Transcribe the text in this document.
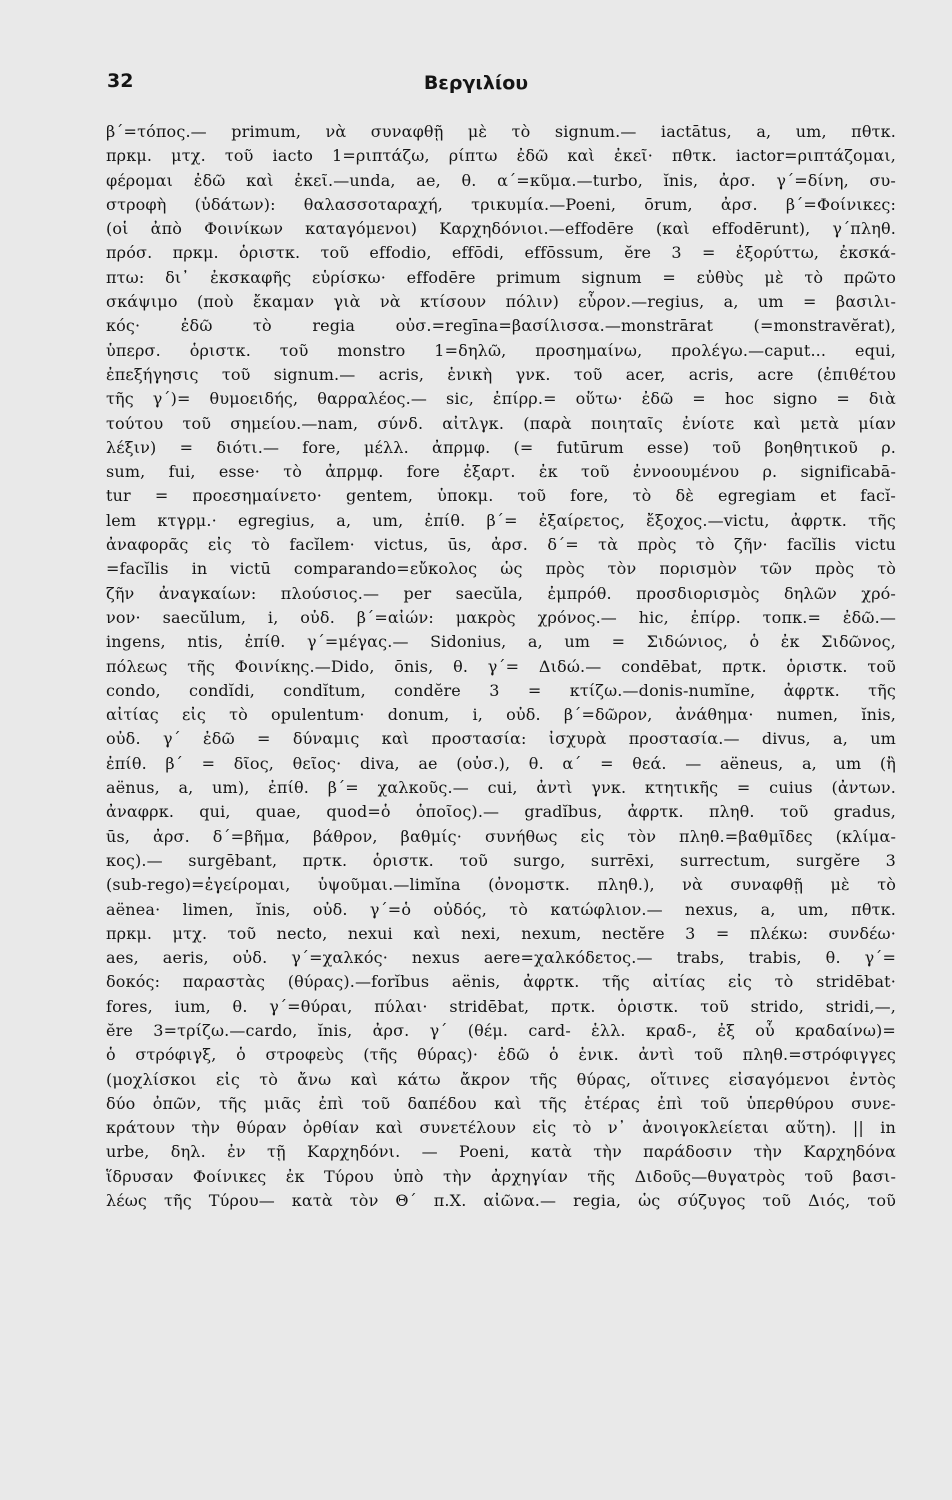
32	Βεργιλίου
β΄=τόπος.— primum, νὰ συναφθῇ μὲ τὸ signum.— iactātus, a, um, πθτκ.
πρκμ. μτχ. τοῦ iacto 1=ριπτάζω, ρίπτω ἐδῶ καὶ ἐκεῖ· πθτκ. iactor=ριπτάζομαι,
φέρομαι ἐδῶ καὶ ἐκεῖ.—unda, ae, θ. α΄=κῦμα.—turbo, ĭnis, ἀρσ. γ΄=δίνη, συ-
στροφὴ (ὑδάτων): θαλασσοταραχή, τρικυμία.—Poeni, ōrum, ἀρσ. β΄=Φοίνικες:
(οἱ ἀπὸ Φοινίκων καταγόμενοι) Καρχηδόνιοι.—effodēre (καὶ effodērunt), γ΄πληθ.
πρόσ. πρκμ. ὁριστκ. τοῦ effodio, effōdi, effōssum, ĕre 3 = ἐξορύττω, ἐκσκά-
πτω: δι᾽ ἐκσκαφῆς εὑρίσκω· effodēre primum signum = εὐθὺς μὲ τὸ πρῶτο
σκάψιμο (ποὺ ἔκαμαν γιὰ νὰ κτίσουν πόλιν) εὗρον.—regius, a, um = βασιλι-
κός· ἐδῶ τὸ regia οὐσ.=regīna=βασίλισσα.—monstrārat (=monstravĕrat),
ὑπερσ. ὁριστκ. τοῦ monstro 1=δηλῶ, προσημαίνω, προλέγω.—caput... equi,
ἐπεξήγησις τοῦ signum.— acris, ἑνικὴ γνκ. τοῦ acer, acris, acre (ἐπιθέτου
τῆς γ΄)= θυμοειδής, θαρραλέος.— sic, ἐπίρρ.= οὕτω· ἐδῶ = hoc signo = διὰ
τούτου τοῦ σημείου.—nam, σύνδ. αἰτλγκ. (παρὰ ποιηταῖς ἐνίοτε καὶ μετὰ μίαν
λέξιν) = διότι.— fore, μέλλ. ἀπρμφ. (= futūrum esse) τοῦ βοηθητικοῦ ρ.
sum, fui, esse· τὸ ἀπρμφ. fore ἐξαρτ. ἐκ τοῦ ἐννοουμένου ρ. significabā-
tur = προεσημαίνετο· gentem, ὑποκμ. τοῦ fore, τὸ δὲ egregiam et facĭ-
lem κτγρμ.· egregius, a, um, ἐπίθ. β΄= ἐξαίρετος, ἔξοχος.—victu, ἀφρτκ. τῆς
ἀναφορᾶς εἰς τὸ facĭlem· victus, ūs, ἀρσ. δ΄= τὰ πρὸς τὸ ζῆν· facĭlis victu
=facĭlis in victū comparando=εὔκολος ὡς πρὸς τὸν πορισμὸν τῶν πρὸς τὸ
ζῆν ἀναγκαίων: πλούσιος.— per saecŭla, ἐμπρόθ. προσδιορισμὸς δηλῶν χρό-
νον· saecŭlum, i, οὐδ. β΄=αἰών: μακρὸς χρόνος.— hic, ἐπίρρ. τοπκ.= ἐδῶ.—
ingens, ntis, ἐπίθ. γ΄=μέγας.— Sidonius, a, um = Σιδώνιος, ὁ ἐκ Σιδῶνος,
πόλεως τῆς Φοινίκης.—Dido, ōnis, θ. γ΄= Διδώ.— condēbat, πρτκ. ὁριστκ. τοῦ
condo, condĭdi, condĭtum, condĕre 3 = κτίζω.—donis-numĭne, ἀφρτκ. τῆς
αἰτίας εἰς τὸ opulentum· donum, i, οὐδ. β΄=δῶρον, ἀνάθημα· numen, ĭnis,
οὐδ. γ΄ ἐδῶ = δύναμις καὶ προστασία: ἰσχυρὰ προστασία.— divus, a, um
ἐπίθ. β΄ = δῖος, θεῖος· diva, ae (οὐσ.), θ. α΄ = θεά. — aëneus, a, um (ἢ
aënus, a, um), ἐπίθ. β΄= χαλκοῦς.— cui, ἀντὶ γνκ. κτητικῆς = cuius (ἀντων.
ἀναφρκ. qui, quae, quod=ὁ ὁποῖος).— gradĭbus, ἀφρτκ. πληθ. τοῦ gradus,
ūs, ἀρσ. δ΄=βῆμα, βάθρον, βαθμίς· συνήθως εἰς τὸν πληθ.=βαθμῖδες (κλίμα-
κος).— surgēbant, πρτκ. ὁριστκ. τοῦ surgo, surrēxi, surrectum, surgĕre 3
(sub-rego)=ἐγείρομαι, ὑψοῦμαι.—limĭna (ὀνομστκ. πληθ.), νὰ συναφθῇ μὲ τὸ
aënea· limen, ĭnis, οὐδ. γ΄=ὁ οὐδός, τὸ κατώφλιον.— nexus, a, um, πθτκ.
πρκμ. μτχ. τοῦ necto, nexui καὶ nexi, nexum, nectĕre 3 = πλέκω: συνδέω·
aes, aeris, οὐδ. γ΄=χαλκός· nexus aere=χαλκόδετος.— trabs, trabis, θ. γ΄=
δοκός: παραστὰς (θύρας).—forĭbus aënis, ἀφρτκ. τῆς αἰτίας εἰς τὸ stridēbat·
fores, ium, θ. γ΄=θύραι, πύλαι· stridēbat, πρτκ. ὁριστκ. τοῦ strido, stridi,—,
ĕre 3=τρίζω.—cardo, ĭnis, ἀρσ. γ΄ (θέμ. card- ἑλλ. κραδ-, ἐξ οὗ κραδαίνω)=
ὁ στρόφιγξ, ὁ στροφεὺς (τῆς θύρας)· ἐδῶ ὁ ἑνικ. ἀντὶ τοῦ πληθ.=στρόφιγγες
(μοχλίσκοι εἰς τὸ ἄνω καὶ κάτω ἄκρον τῆς θύρας, οἵτινες εἰσαγόμενοι ἐντὸς
δύο ὀπῶν, τῆς μιᾶς ἐπὶ τοῦ δαπέδου καὶ τῆς ἑτέρας ἐπὶ τοῦ ὑπερθύρου συνε-
κράτουν τὴν θύραν ὀρθίαν καὶ συνετέλουν εἰς τὸ ν᾽ ἀνοιγοκλείεται αὕτη). || in
urbe, δηλ. ἐν τῇ Καρχηδόνι. — Poeni, κατὰ τὴν παράδοσιν τὴν Καρχηδόνα
ἵδρυσαν Φοίνικες ἐκ Τύρου ὑπὸ τὴν ἀρχηγίαν τῆς Διδοῦς—θυγατρὸς τοῦ βασι-
λέως τῆς Τύρου— κατὰ τὸν Θ΄ π.Χ. αἰῶνα.— regia, ὡς σύζυγος τοῦ Διός, τοῦ
